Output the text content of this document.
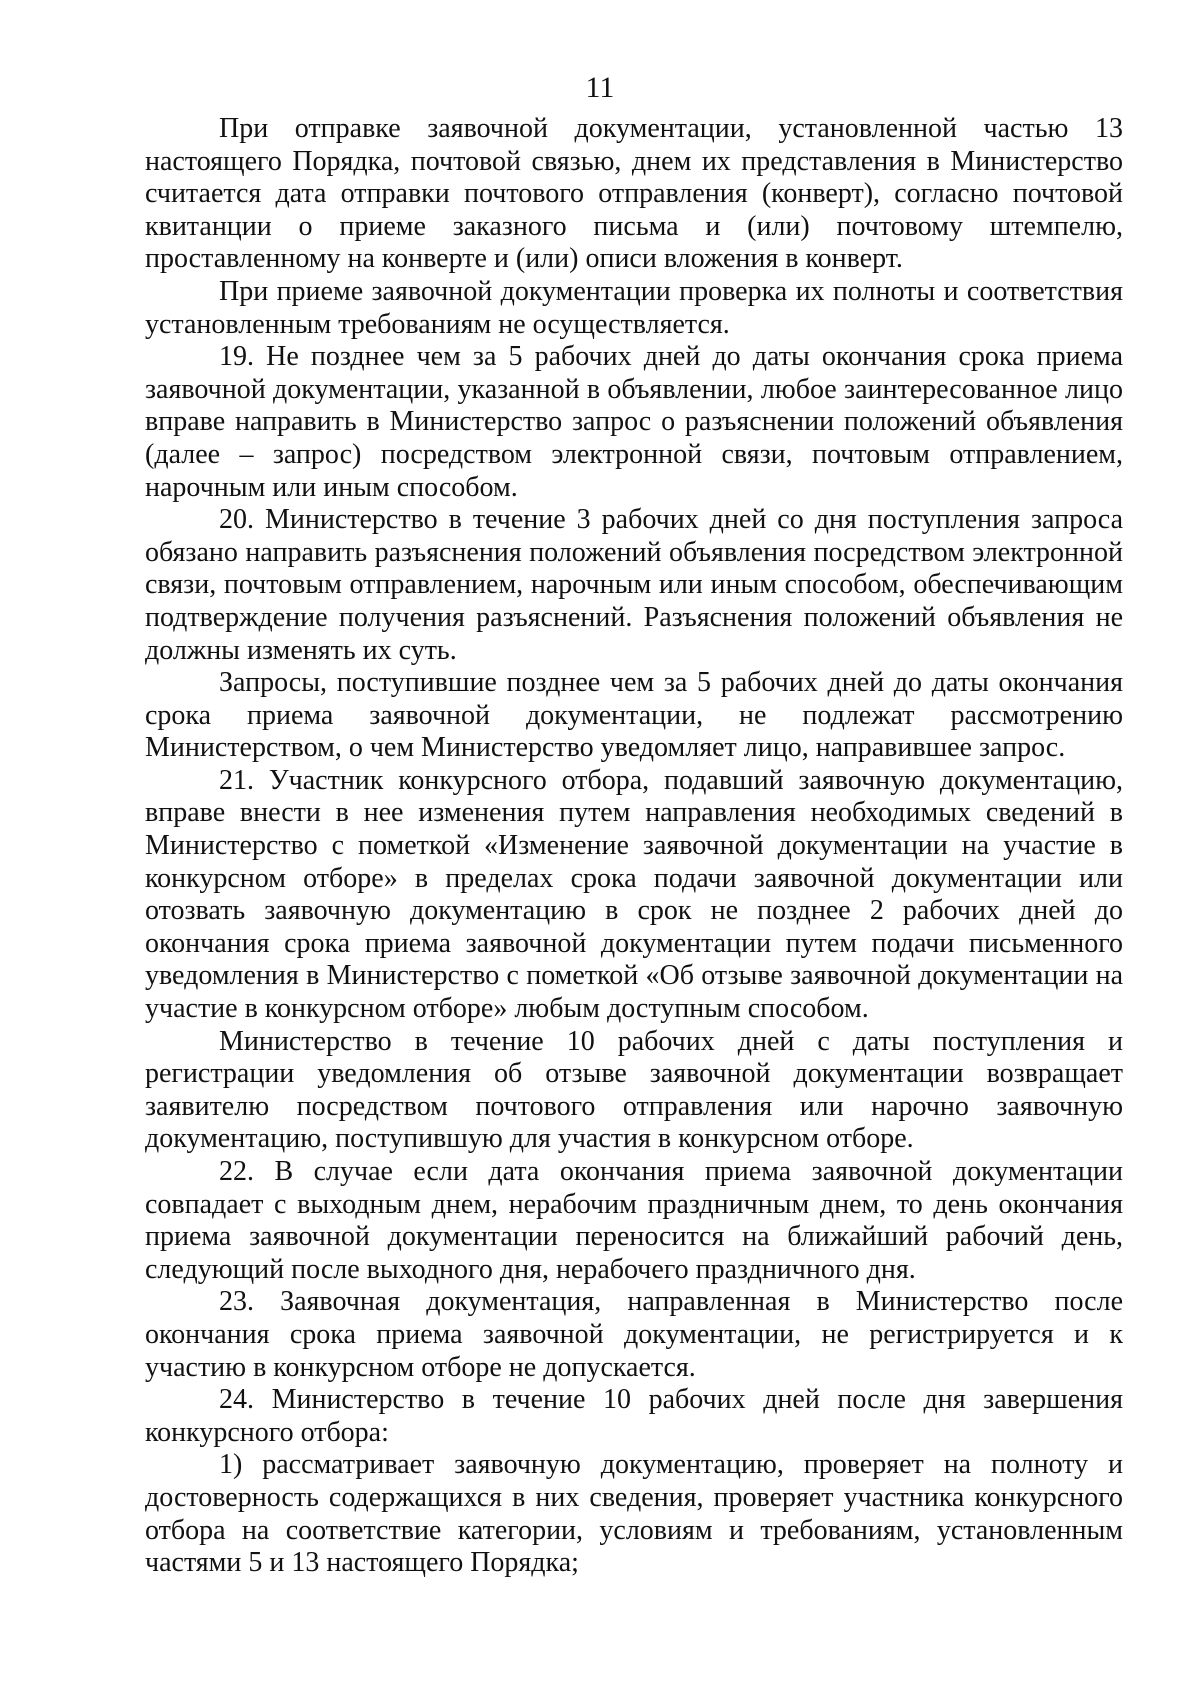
11

При отправке заявочной документации, установленной частью 13 настоящего Порядка, почтовой связью, днем их представления в Министерство считается дата отправки почтового отправления (конверт), согласно почтовой квитанции о приеме заказного письма и (или) почтовому штемпелю, проставленному на конверте и (или) описи вложения в конверт.

При приеме заявочной документации проверка их полноты и соответствия установленным требованиям не осуществляется.

19. Не позднее чем за 5 рабочих дней до даты окончания срока приема заявочной документации, указанной в объявлении, любое заинтересованное лицо вправе направить в Министерство запрос о разъяснении положений объявления (далее – запрос) посредством электронной связи, почтовым отправлением, нарочным или иным способом.

20. Министерство в течение 3 рабочих дней со дня поступления запроса обязано направить разъяснения положений объявления посредством электронной связи, почтовым отправлением, нарочным или иным способом, обеспечивающим подтверждение получения разъяснений. Разъяснения положений объявления не должны изменять их суть.

Запросы, поступившие позднее чем за 5 рабочих дней до даты окончания срока приема заявочной документации, не подлежат рассмотрению Министерством, о чем Министерство уведомляет лицо, направившее запрос.

21. Участник конкурсного отбора, подавший заявочную документацию, вправе внести в нее изменения путем направления необходимых сведений в Министерство с пометкой «Изменение заявочной документации на участие в конкурсном отборе» в пределах срока подачи заявочной документации или отозвать заявочную документацию в срок не позднее 2 рабочих дней до окончания срока приема заявочной документации путем подачи письменного уведомления в Министерство с пометкой «Об отзыве заявочной документации на участие в конкурсном отборе» любым доступным способом.

Министерство в течение 10 рабочих дней с даты поступления и регистрации уведомления об отзыве заявочной документации возвращает заявителю посредством почтового отправления или нарочно заявочную документацию, поступившую для участия в конкурсном отборе.

22. В случае если дата окончания приема заявочной документации совпадает с выходным днем, нерабочим праздничным днем, то день окончания приема заявочной документации переносится на ближайший рабочий день, следующий после выходного дня, нерабочего праздничного дня.

23. Заявочная документация, направленная в Министерство после окончания срока приема заявочной документации, не регистрируется и к участию в конкурсном отборе не допускается.

24. Министерство в течение 10 рабочих дней после дня завершения конкурсного отбора:

1) рассматривает заявочную документацию, проверяет на полноту и достоверность содержащихся в них сведения, проверяет участника конкурсного отбора на соответствие категории, условиям и требованиям, установленным частями 5 и 13 настоящего Порядка;
